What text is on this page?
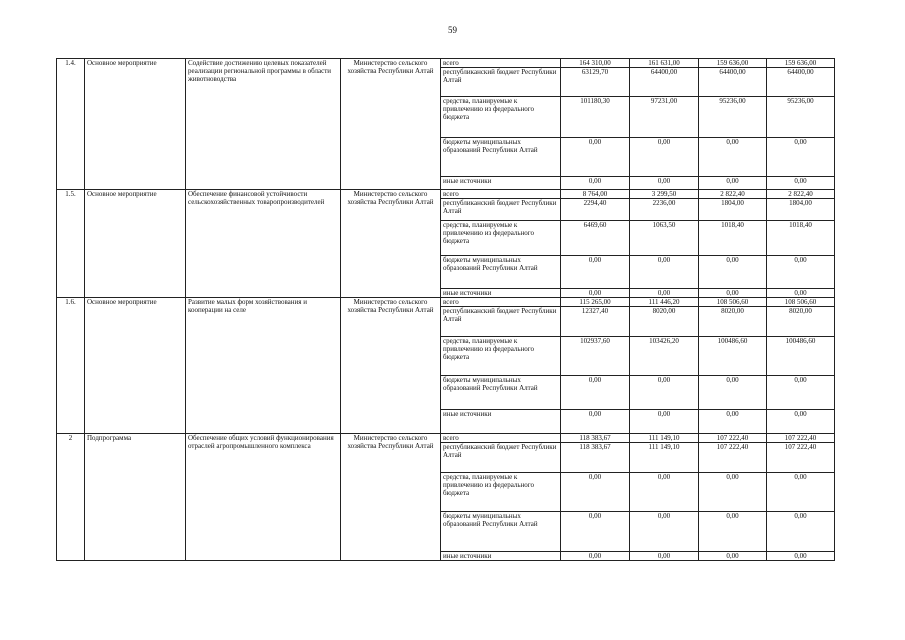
59
1.4.	Основное мероприятие	Содействие достижению целевых показателей реализации региональной программы в области животноводства	Министерство сельского хозяйства Республики Алтай	всего	164 310,00	161 631,00	159 636,00	159 636,00
				республиканский бюджет Республики Алтай	63129,70	64400,00	64400,00	64400,00
				средства, планируемые к привлечению из федерального бюджета	101180,30	97231,00	95236,00	95236,00
				бюджеты муниципальных образований Республики Алтай	0,00	0,00	0,00	0,00
				иные источники	0,00	0,00	0,00	0,00
1.5.	Основное мероприятие	Обеспечение финансовой устойчивости сельскохозяйственных товаропроизводителей	Министерство сельского хозяйства Республики Алтай	всего	8 764,00	3 299,50	2 822,40	2 822,40
				республиканский бюджет Республики Алтай	2294,40	2236,00	1804,00	1804,00
				средства, планируемые к привлечению из федерального бюджета	6469,60	1063,50	1018,40	1018,40
				бюджеты муниципальных образований Республики Алтай	0,00	0,00	0,00	0,00
				иные источники	0,00	0,00	0,00	0,00
1.6.	Основное мероприятие	Развитие малых форм хозяйствования и кооперации на селе	Министерство сельского хозяйства Республики Алтай	всего	115 265,00	111 446,20	108 506,60	108 506,60
				республиканский бюджет Республики Алтай	12327,40	8020,00	8020,00	8020,00
				средства, планируемые к привлечению из федерального бюджета	102937,60	103426,20	100486,60	100486,60
				бюджеты муниципальных образований Республики Алтай	0,00	0,00	0,00	0,00
				иные источники	0,00	0,00	0,00	0,00
2	Подпрограмма	Обеспечение общих условий функционирования отраслей агропромышленного комплекса	Министерство сельского хозяйства Республики Алтай	всего	118 383,67	111 149,10	107 222,40	107 222,40
				республиканский бюджет Республики Алтай	118 383,67	111 149,10	107 222,40	107 222,40
				средства, планируемые к привлечению из федерального бюджета	0,00	0,00	0,00	0,00
				бюджеты муниципальных образований Республики Алтай	0,00	0,00	0,00	0,00
				иные источники	0,00	0,00	0,00	0,00
